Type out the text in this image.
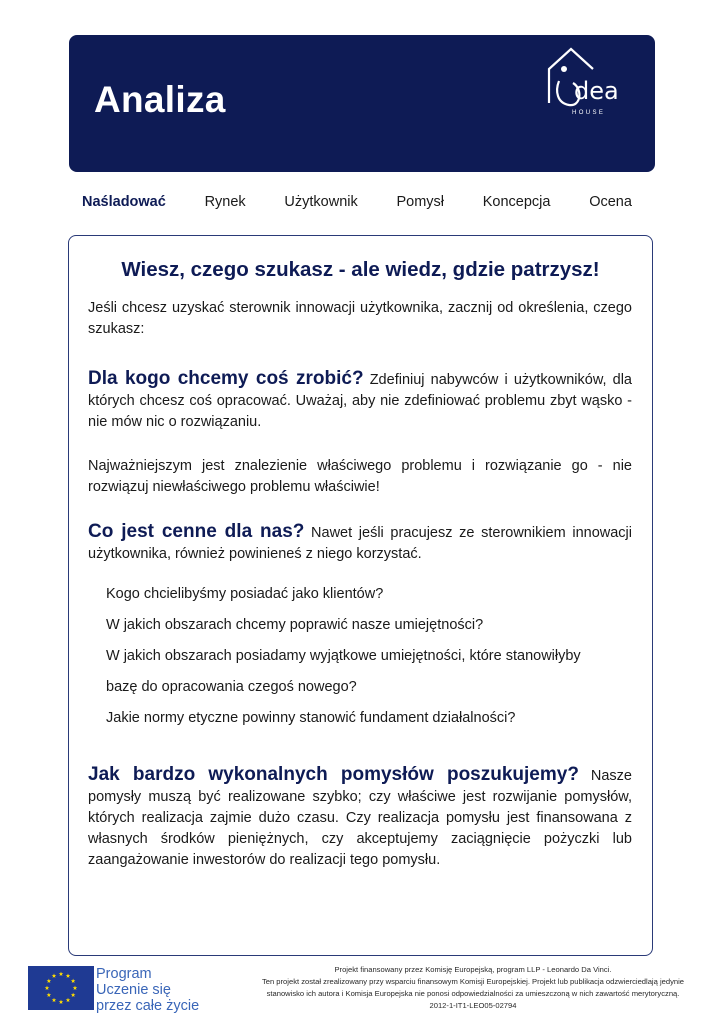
Analiza	dea
HOUSE
Naśladować	Rynek	Użytkownik	Pomysł	Koncepcja	Ocena
Wiesz, czego szukasz - ale wiedz, gdzie patrzysz!
Jeśli chcesz uzyskać sterownik innowacji użytkownika, zacznij od określenia, czego szukasz:
Dla kogo chcemy coś zrobić? Zdefiniuj nabywców i użytkowników, dla których chcesz coś opracować. Uważaj, aby nie zdefiniować problemu zbyt wąsko - nie mów nic o rozwiązaniu.
Najważniejszym jest znalezienie właściwego problemu i rozwiązanie go - nie rozwiązuj niewłaściwego problemu właściwie!
Co jest cenne dla nas? Nawet jeśli pracujesz ze sterownikiem innowacji użytkownika, również powinieneś z niego korzystać.
Kogo chcielibyśmy posiadać jako klientów?
W jakich obszarach chcemy poprawić nasze umiejętności?
W jakich obszarach posiadamy wyjątkowe umiejętności, które stanowiłyby
bazę do opracowania czegoś nowego?
Jakie normy etyczne powinny stanowić fundament działalności?
Jak bardzo wykonalnych pomysłów poszukujemy? Nasze pomysły muszą być realizowane szybko; czy właściwe jest rozwijanie pomysłów, których realizacja zajmie dużo czasu. Czy realizacja pomysłu jest finansowana z własnych środków pieniężnych, czy akceptujemy zaciągnięcie pożyczki lub zaangażowanie inwestorów do realizacji tego pomysłu.
Program
Uczenie się
przez całe życie
Projekt finansowany przez Komisję Europejską, program LLP - Leonardo Da Vinci.
Ten projekt został zrealizowany przy wsparciu finansowym Komisji Europejskiej. Projekt lub publikacja odzwierciedlają jedynie
stanowisko ich autora i Komisja Europejska nie ponosi odpowiedzialności za umieszczoną w nich zawartość merytoryczną.
2012-1-IT1-LEO05-02794
